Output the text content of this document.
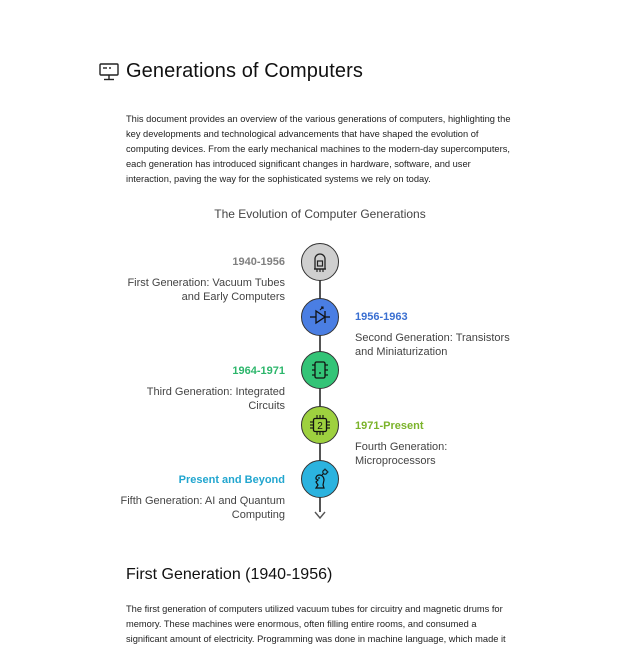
Generations of Computers

This document provides an overview of the various generations of computers, highlighting the key developments and technological advancements that have shaped the evolution of computing devices. From the early mechanical machines to the modern-day supercomputers, each generation has introduced significant changes in hardware, software, and user interaction, paving the way for the sophisticated systems we rely on today.

The Evolution of Computer Generations
1940-1956
First Generation: Vacuum Tubes and Early Computers
1956-1963
Second Generation: Transistors and Miniaturization
1964-1971
Third Generation: Integrated Circuits
2	1971-Present
Fourth Generation: Microprocessors
Present and Beyond
Fifth Generation: AI and Quantum Computing
First Generation (1940-1956)

The first generation of computers utilized vacuum tubes for circuitry and magnetic drums for memory. These machines were enormous, often filling entire rooms, and consumed a significant amount of electricity. Programming was done in machine language, which made it
